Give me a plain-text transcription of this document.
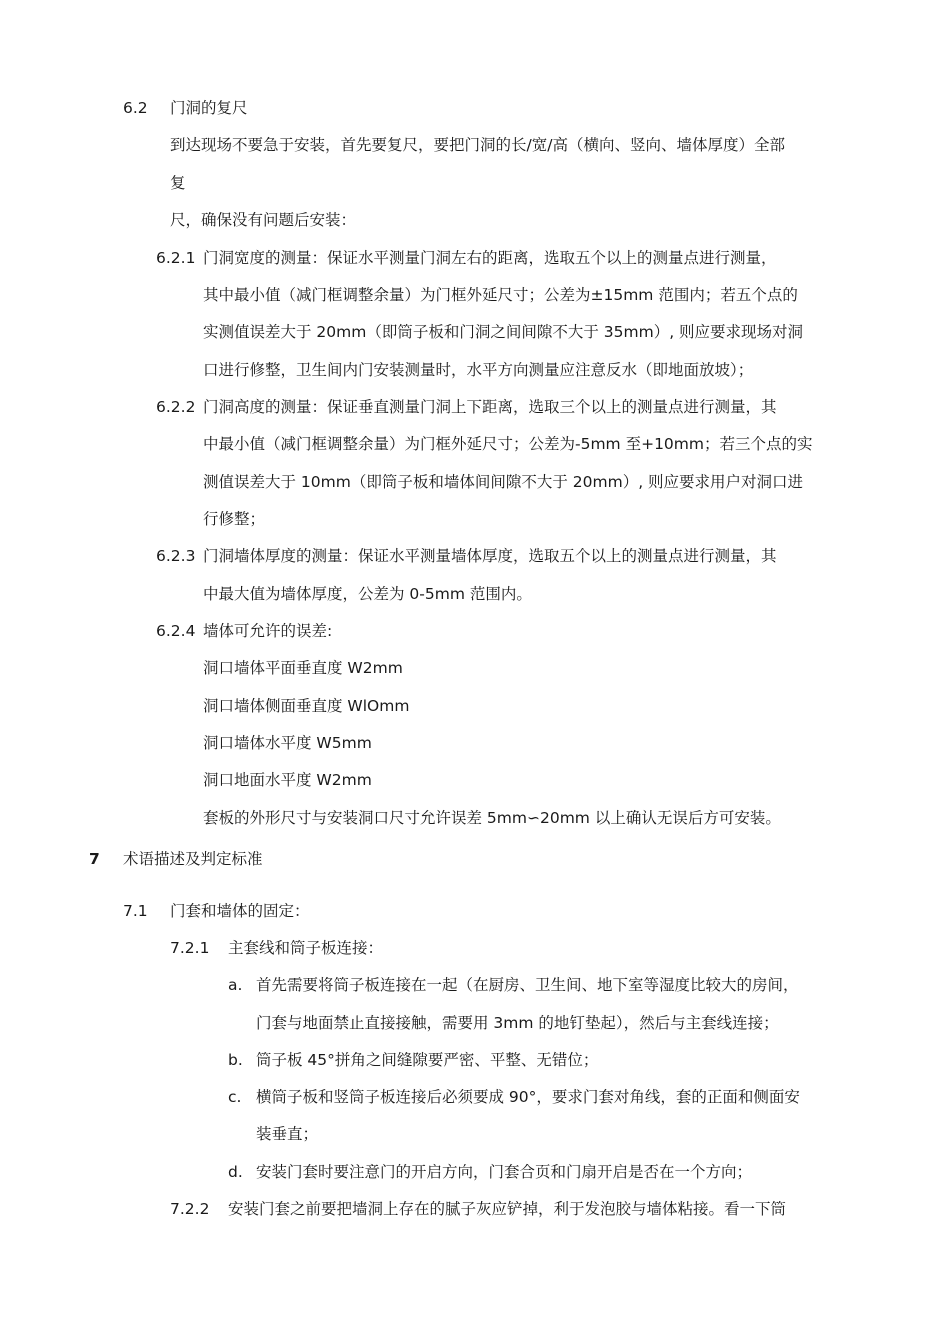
6.2 门洞的复尺
到达现场不要急于安装，首先要复尺，要把门洞的长/宽/高（横向、竖向、墙体厚度）全部
复
尺，确保没有问题后安装：
6.2.1 门洞宽度的测量：保证水平测量门洞左右的距离，选取五个以上的测量点进行测量，
其中最小值（减门框调整余量）为门框外延尺寸；公差为±15mm 范围内；若五个点的
实测值误差大于 20mm（即筒子板和门洞之间间隙不大于 35mm）, 则应要求现场对洞
口进行修整，卫生间内门安装测量时，水平方向测量应注意反水（即地面放坡）；
6.2.2 门洞高度的测量：保证垂直测量门洞上下距离，选取三个以上的测量点进行测量，其
中最小值（减门框调整余量）为门框外延尺寸；公差为-5mm 至+10mm；若三个点的实
测值误差大于 10mm（即筒子板和墙体间间隙不大于 20mm）, 则应要求用户对洞口进
行修整；
6.2.3 门洞墙体厚度的测量：保证水平测量墙体厚度，选取五个以上的测量点进行测量，其
中最大值为墙体厚度，公差为 0-5mm 范围内。
6.2.4 墙体可允许的误差:
洞口墙体平面垂直度 W2mm
洞口墙体侧面垂直度 WlOmm
洞口墙体水平度 W5mm
洞口地面水平度 W2mm
套板的外形尺寸与安装洞口尺寸允许误差 5mm∽20mm 以上确认无误后方可安装。
7 术语描述及判定标准
7.1 门套和墙体的固定：
7.2.1 主套线和筒子板连接：
a. 首先需要将筒子板连接在一起（在厨房、卫生间、地下室等湿度比较大的房间，
门套与地面禁止直接接触，需要用 3mm 的地钉垫起），然后与主套线连接；
b. 筒子板 45°拼角之间缝隙要严密、平整、无错位；
c. 横筒子板和竖筒子板连接后必须要成 90°，要求门套对角线，套的正面和侧面安
装垂直；
d. 安装门套时要注意门的开启方向，门套合页和门扇开启是否在一个方向；
7.2.2 安装门套之前要把墙洞上存在的腻子灰应铲掉，利于发泡胶与墙体粘接。看一下筒
